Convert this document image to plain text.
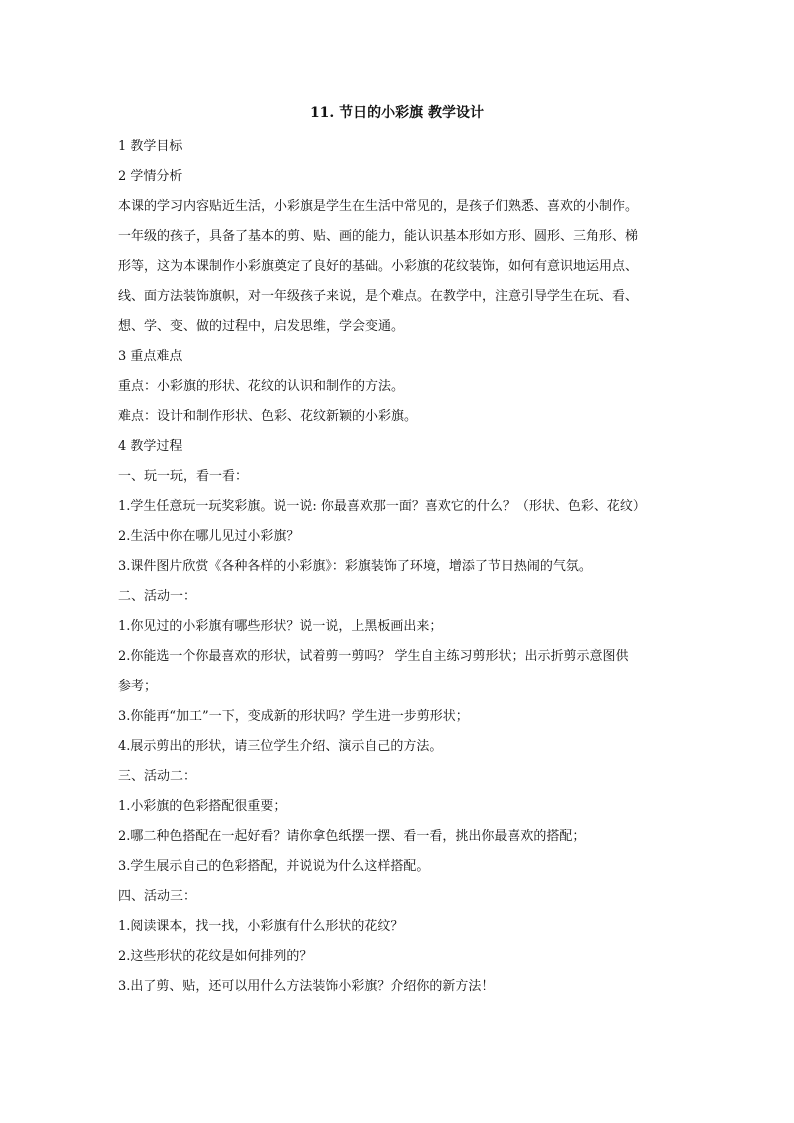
11. 节日的小彩旗 教学设计

1 教学目标

2 学情分析

本课的学习内容贴近生活，小彩旗是学生在生活中常见的，是孩子们熟悉、喜欢的小制作。

一年级的孩子，具备了基本的剪、贴、画的能力，能认识基本形如方形、圆形、三角形、梯

形等，这为本课制作小彩旗奠定了良好的基础。小彩旗的花纹装饰，如何有意识地运用点、

线、面方法装饰旗帜，对一年级孩子来说，是个难点。在教学中，注意引导学生在玩、看、

想、学、变、做的过程中，启发思维，学会变通。

3 重点难点

重点：小彩旗的形状、花纹的认识和制作的方法。

难点：设计和制作形状、色彩、花纹新颖的小彩旗。

4 教学过程

一、玩一玩，看一看：

1.学生任意玩一玩奖彩旗。说一说: 你最喜欢那一面？喜欢它的什么？（形状、色彩、花纹）

2.生活中你在哪儿见过小彩旗？

3.课件图片欣赏《各种各样的小彩旗》：彩旗装饰了环境，增添了节日热闹的气氛。

二、活动一：

1.你见过的小彩旗有哪些形状？说一说，上黑板画出来；

2.你能选一个你最喜欢的形状，试着剪一剪吗？ 学生自主练习剪形状；出示折剪示意图供

参考；

3.你能再“加工”一下，变成新的形状吗？学生进一步剪形状；

4.展示剪出的形状，请三位学生介绍、演示自己的方法。

三、活动二：

1.小彩旗的色彩搭配很重要；

2.哪二种色搭配在一起好看？请你拿色纸摆一摆、看一看，挑出你最喜欢的搭配；

3.学生展示自己的色彩搭配，并说说为什么这样搭配。

四、活动三：

1.阅读课本，找一找，小彩旗有什么形状的花纹？

2.这些形状的花纹是如何排列的？

3.出了剪、贴，还可以用什么方法装饰小彩旗？介绍你的新方法！
